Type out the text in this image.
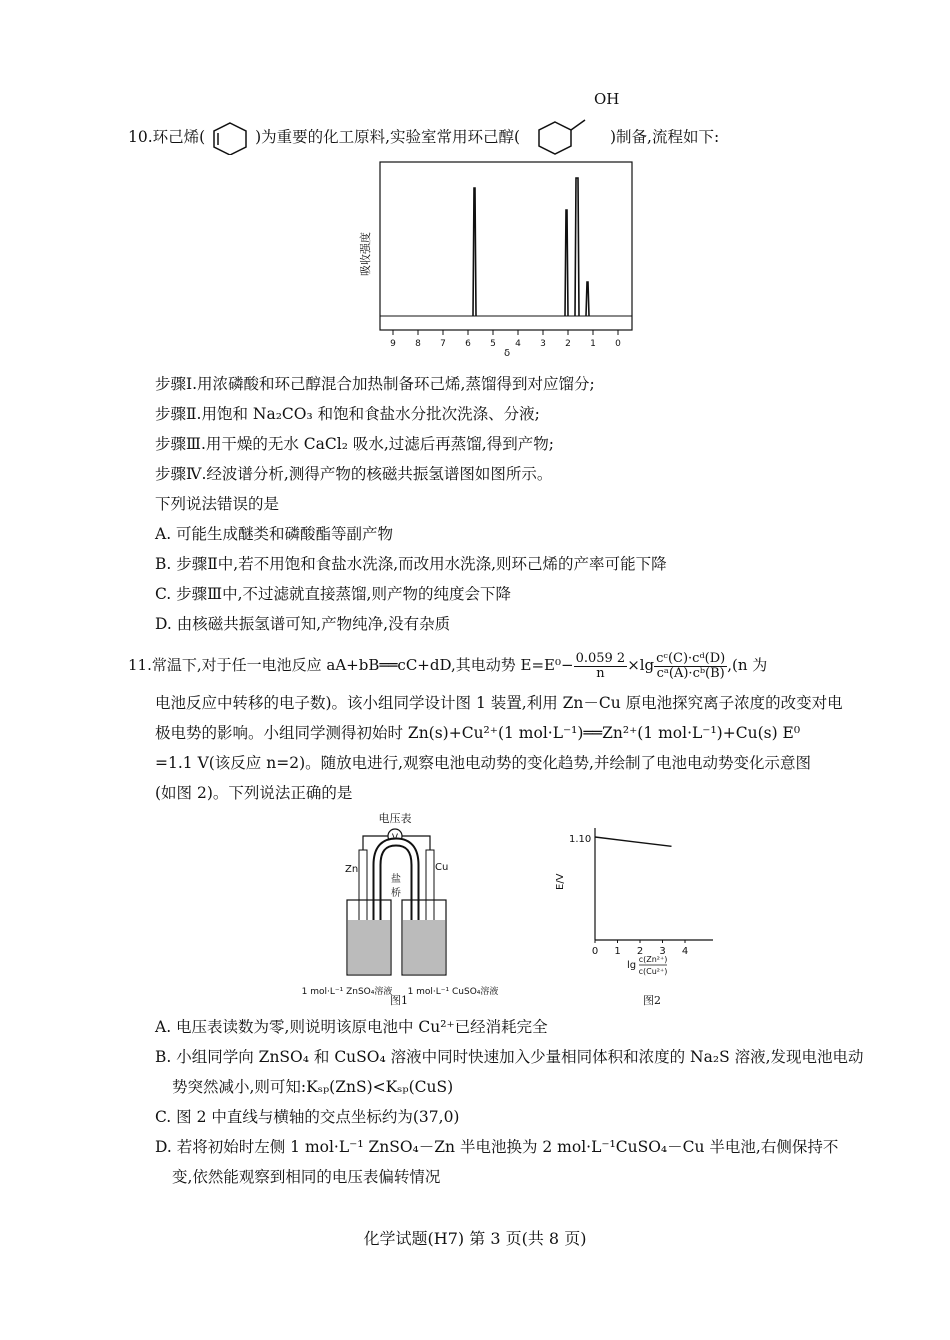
10.环己烯(	)为重要的化工原料,实验室常用环己醇(	)制备,流程如下:
OH
9 8 7 6 5 4 3 2 1 0
δ
吸收强度
步骤Ⅰ.用浓磷酸和环己醇混合加热制备环己烯,蒸馏得到对应馏分;
步骤Ⅱ.用饱和 Na₂CO₃ 和饱和食盐水分批次洗涤、分液;
步骤Ⅲ.用干燥的无水 CaCl₂ 吸水,过滤后再蒸馏,得到产物;
步骤Ⅳ.经波谱分析,测得产物的核磁共振氢谱图如图所示。
下列说法错误的是
A. 可能生成醚类和磷酸酯等副产物
B. 步骤Ⅱ中,若不用饱和食盐水洗涤,而改用水洗涤,则环己烯的产率可能下降
C. 步骤Ⅲ中,不过滤就直接蒸馏,则产物的纯度会下降
D. 由核磁共振氢谱可知,产物纯净,没有杂质
11.常温下,对于任一电池反应 aA+bB══cC+dD,其电动势 $E=E^0- \frac{0.059 2}{n} \times\lg \frac{\text{cᶜ(C)·cᵈ(D)}}{\text{cᵃ(A)·cᵇ(B)}} ,(n$ 为
电池反应中转移的电子数)。该小组同学设计图 1 装置,利用 Zn－Cu 原电池探究离子浓度的改变对电
极电势的影响。小组同学测得初始时 Zn(s)+Cu²⁺(1 mol·L⁻¹)══Zn²⁺(1 mol·L⁻¹)+Cu(s) E⁰
=1.1 V(该反应 n=2)。随放电进行,观察电池电动势的变化趋势,并绘制了电池电动势变化示意图
(如图 2)。下列说法正确的是
电压表
V
Zn	Cu
盐
桥
1 mol·L⁻¹ ZnSO₄溶液 1 mol·L⁻¹ CuSO₄溶液
图1
1.10
E/V
0 1 2 3 4
lg
c(Zn²⁺)
c(Cu²⁺)
图2
A. 电压表读数为零,则说明该原电池中 Cu²⁺已经消耗完全
B. 小组同学向 ZnSO₄ 和 CuSO₄ 溶液中同时快速加入少量相同体积和浓度的 Na₂S 溶液,发现电池电动
势突然减小,则可知:Kₛₚ(ZnS)<Kₛₚ(CuS)
C. 图 2 中直线与横轴的交点坐标约为(37,0)
D. 若将初始时左侧 1 mol·L⁻¹ ZnSO₄－Zn 半电池换为 2 mol·L⁻¹CuSO₄－Cu 半电池,右侧保持不
变,依然能观察到相同的电压表偏转情况
化学试题(H7) 第 3 页(共 8 页)
